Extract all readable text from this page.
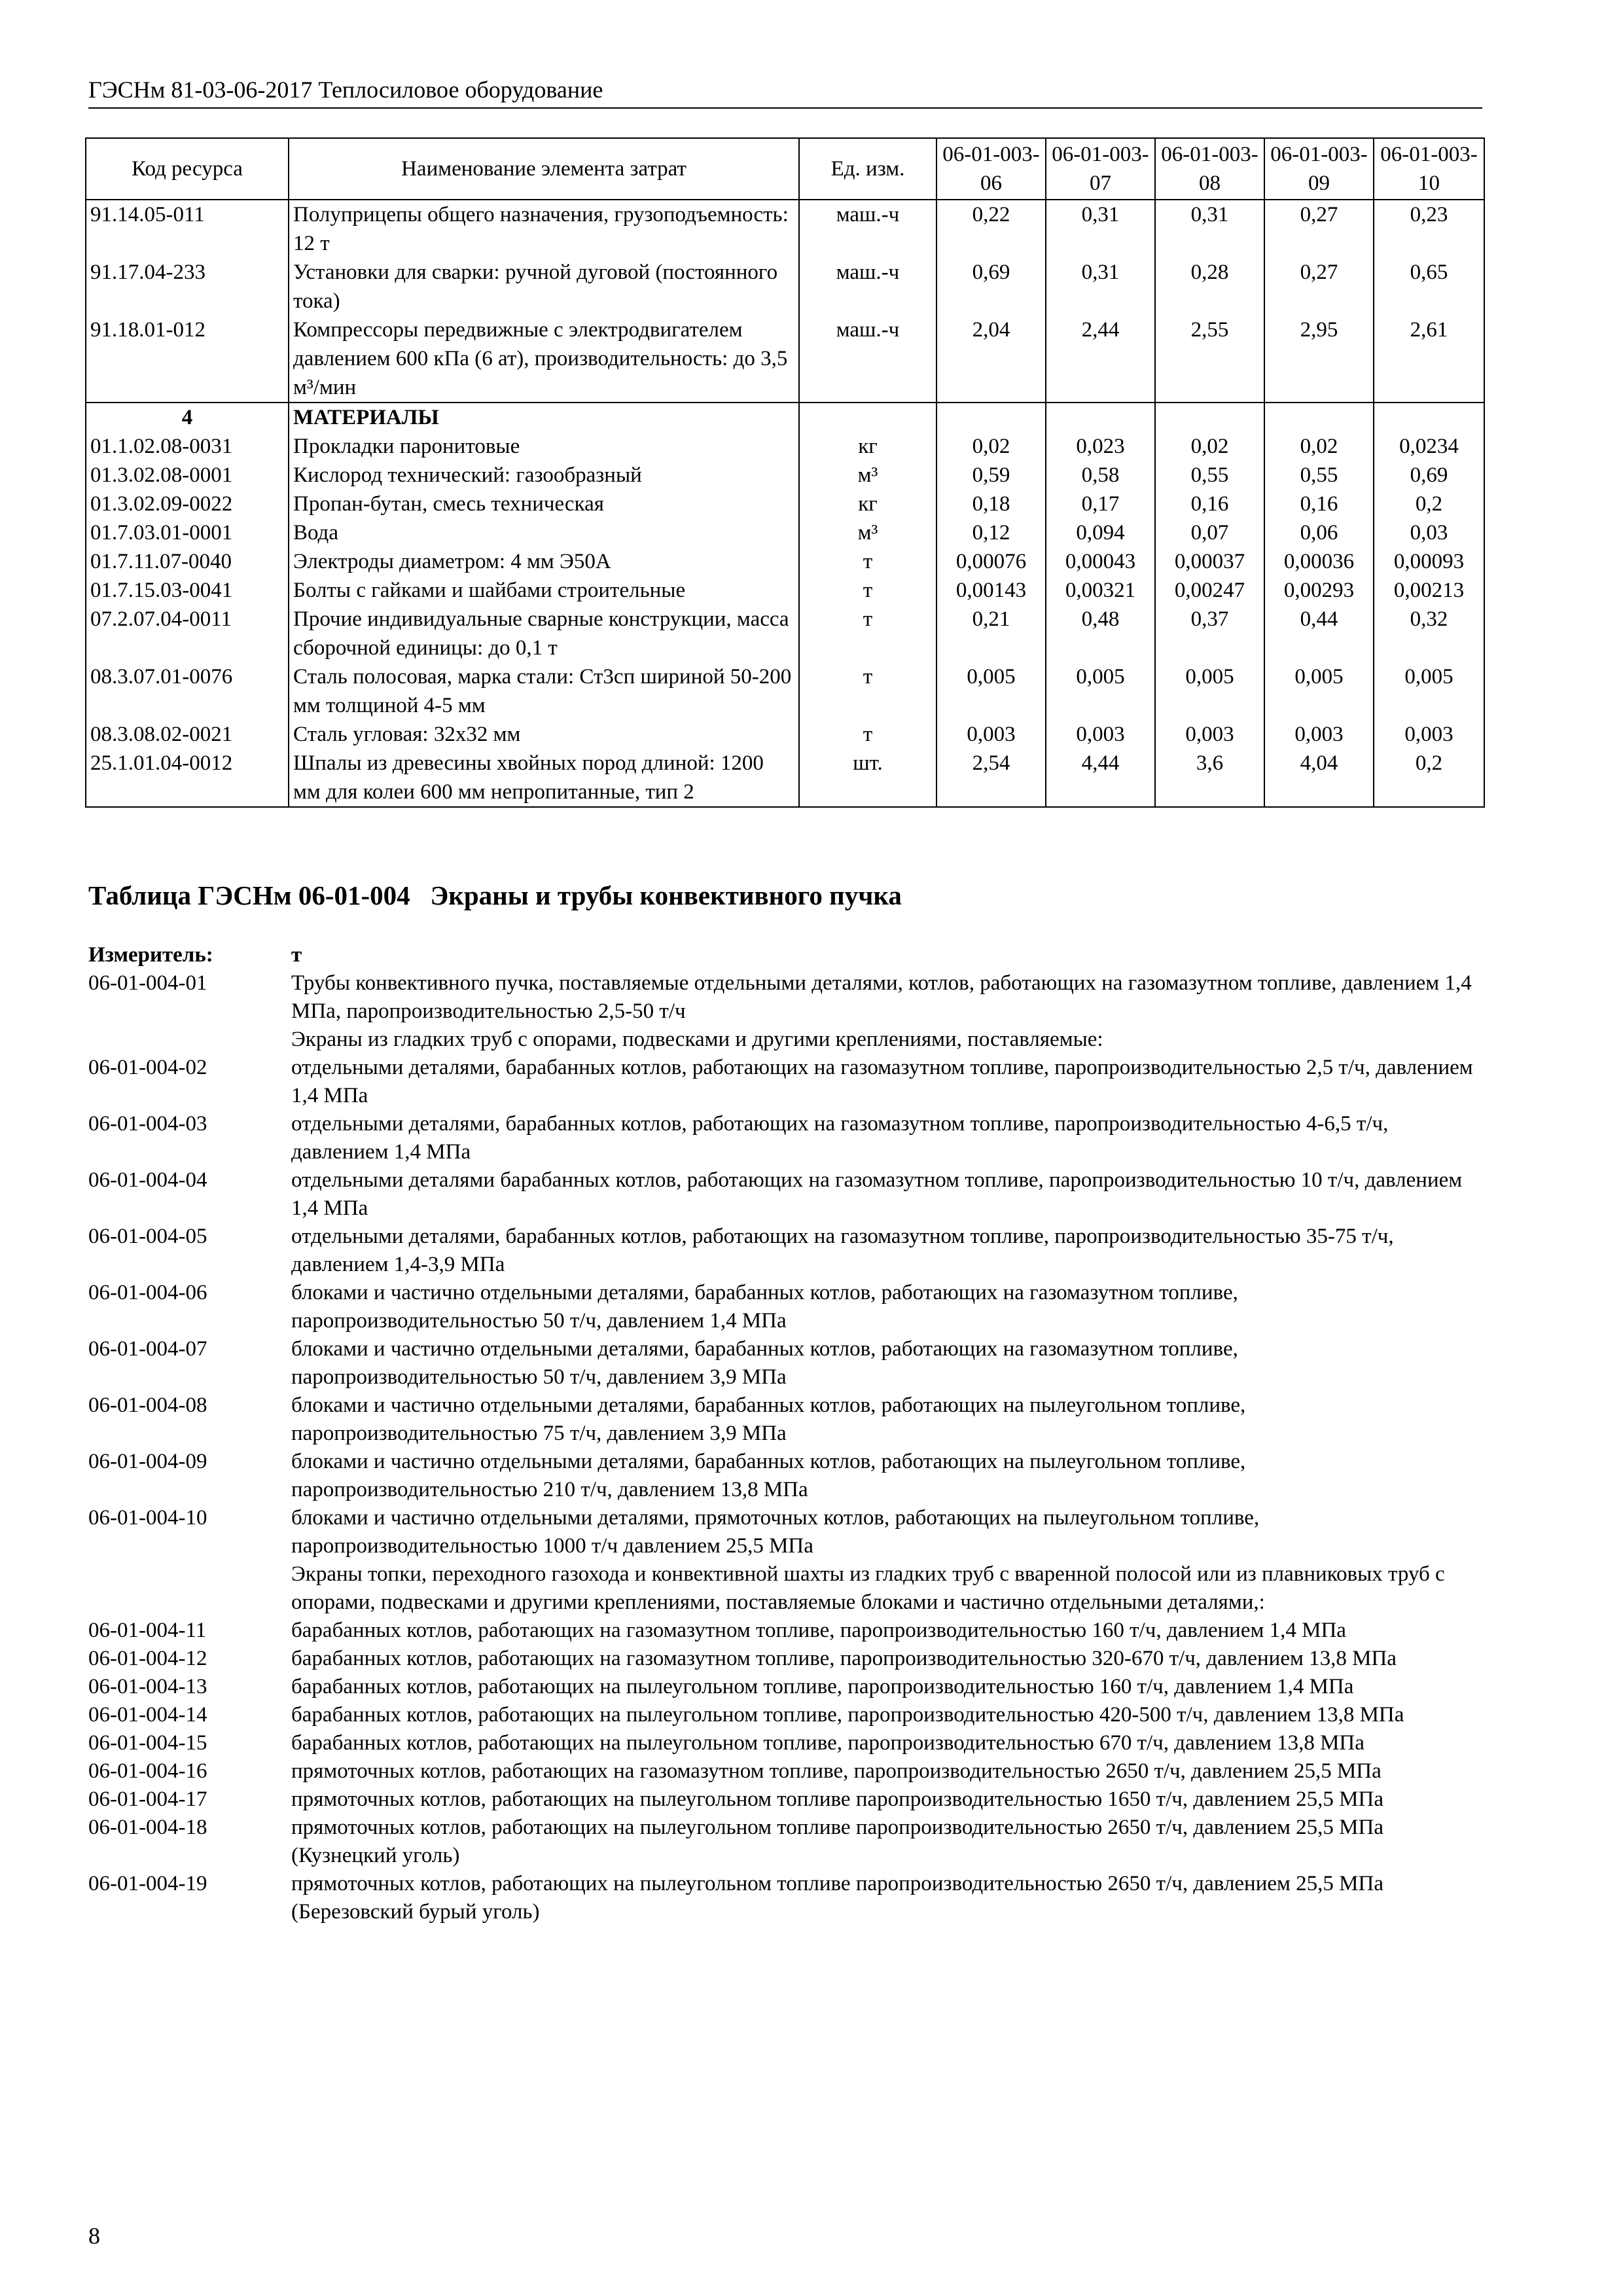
ГЭСНм 81-03-06-2017 Теплосиловое оборудование
Код ресурса	Наименование элемента затрат	Ед. изм.	06-01-003-06	06-01-003-07	06-01-003-08	06-01-003-09	06-01-003-10
91.14.05-011	Полуприцепы общего назначения, грузоподъемность: 12 т	маш.-ч	0,22	0,31	0,31	0,27	0,23
91.17.04-233	Установки для сварки: ручной дуговой (постоянного тока)	маш.-ч	0,69	0,31	0,28	0,27	0,65
91.18.01-012	Компрессоры передвижные с электродвигателем давлением 600 кПа (6 ат), производительность: до 3,5 м³/мин	маш.-ч	2,04	2,44	2,55	2,95	2,61
4	МАТЕРИАЛЫ						
01.1.02.08-0031	Прокладки паронитовые	кг	0,02	0,023	0,02	0,02	0,0234
01.3.02.08-0001	Кислород технический: газообразный	м³	0,59	0,58	0,55	0,55	0,69
01.3.02.09-0022	Пропан-бутан, смесь техническая	кг	0,18	0,17	0,16	0,16	0,2
01.7.03.01-0001	Вода	м³	0,12	0,094	0,07	0,06	0,03
01.7.11.07-0040	Электроды диаметром: 4 мм Э50А	т	0,00076	0,00043	0,00037	0,00036	0,00093
01.7.15.03-0041	Болты с гайками и шайбами строительные	т	0,00143	0,00321	0,00247	0,00293	0,00213
07.2.07.04-0011	Прочие индивидуальные сварные конструкции, масса сборочной единицы: до 0,1 т	т	0,21	0,48	0,37	0,44	0,32
08.3.07.01-0076	Сталь полосовая, марка стали: Ст3сп шириной 50-200 мм толщиной 4-5 мм	т	0,005	0,005	0,005	0,005	0,005
08.3.08.02-0021	Сталь угловая: 32x32 мм	т	0,003	0,003	0,003	0,003	0,003
25.1.01.04-0012	Шпалы из древесины хвойных пород длиной: 1200 мм для колеи 600 мм непропитанные, тип 2	шт.	2,54	4,44	3,6	4,04	0,2
Таблица ГЭСНм 06-01-004 Экраны и трубы конвективного пучка
Измеритель:	т
06-01-004-01	Трубы конвективного пучка, поставляемые отдельными деталями, котлов, работающих на газомазутном топливе, давлением 1,4 МПа, паропроизводительностью 2,5-50 т/ч
Экраны из гладких труб с опорами, подвесками и другими креплениями, поставляемые:
06-01-004-02	отдельными деталями, барабанных котлов, работающих на газомазутном топливе, паропроизводительностью 2,5 т/ч, давлением 1,4 МПа
06-01-004-03	отдельными деталями, барабанных котлов, работающих на газомазутном топливе, паропроизводительностью 4-6,5 т/ч, давлением 1,4 МПа
06-01-004-04	отдельными деталями барабанных котлов, работающих на газомазутном топливе, паропроизводительностью 10 т/ч, давлением 1,4 МПа
06-01-004-05	отдельными деталями, барабанных котлов, работающих на газомазутном топливе, паропроизводительностью 35-75 т/ч, давлением 1,4-3,9 МПа
06-01-004-06	блоками и частично отдельными деталями, барабанных котлов, работающих на газомазутном топливе, паропроизводительностью 50 т/ч, давлением 1,4 МПа
06-01-004-07	блоками и частично отдельными деталями, барабанных котлов, работающих на газомазутном топливе, паропроизводительностью 50 т/ч, давлением 3,9 МПа
06-01-004-08	блоками и частично отдельными деталями, барабанных котлов, работающих на пылеугольном топливе, паропроизводительностью 75 т/ч, давлением 3,9 МПа
06-01-004-09	блоками и частично отдельными деталями, барабанных котлов, работающих на пылеугольном топливе, паропроизводительностью 210 т/ч, давлением 13,8 МПа
06-01-004-10	блоками и частично отдельными деталями, прямоточных котлов, работающих на пылеугольном топливе, паропроизводительностью 1000 т/ч давлением 25,5 МПа
Экраны топки, переходного газохода и конвективной шахты из гладких труб с вваренной полосой или из плавниковых труб с опорами, подвесками и другими креплениями, поставляемые блоками и частично отдельными деталями,:
06-01-004-11	барабанных котлов, работающих на газомазутном топливе, паропроизводительностью 160 т/ч, давлением 1,4 МПа
06-01-004-12	барабанных котлов, работающих на газомазутном топливе, паропроизводительностью 320-670 т/ч, давлением 13,8 МПа
06-01-004-13	барабанных котлов, работающих на пылеугольном топливе, паропроизводительностью 160 т/ч, давлением 1,4 МПа
06-01-004-14	барабанных котлов, работающих на пылеугольном топливе, паропроизводительностью 420-500 т/ч, давлением 13,8 МПа
06-01-004-15	барабанных котлов, работающих на пылеугольном топливе, паропроизводительностью 670 т/ч, давлением 13,8 МПа
06-01-004-16	прямоточных котлов, работающих на газомазутном топливе, паропроизводительностью 2650 т/ч, давлением 25,5 МПа
06-01-004-17	прямоточных котлов, работающих на пылеугольном топливе паропроизводительностью 1650 т/ч, давлением 25,5 МПа
06-01-004-18	прямоточных котлов, работающих на пылеугольном топливе паропроизводительностью 2650 т/ч, давлением 25,5 МПа (Кузнецкий уголь)
06-01-004-19	прямоточных котлов, работающих на пылеугольном топливе паропроизводительностью 2650 т/ч, давлением 25,5 МПа (Березовский бурый уголь)
8
